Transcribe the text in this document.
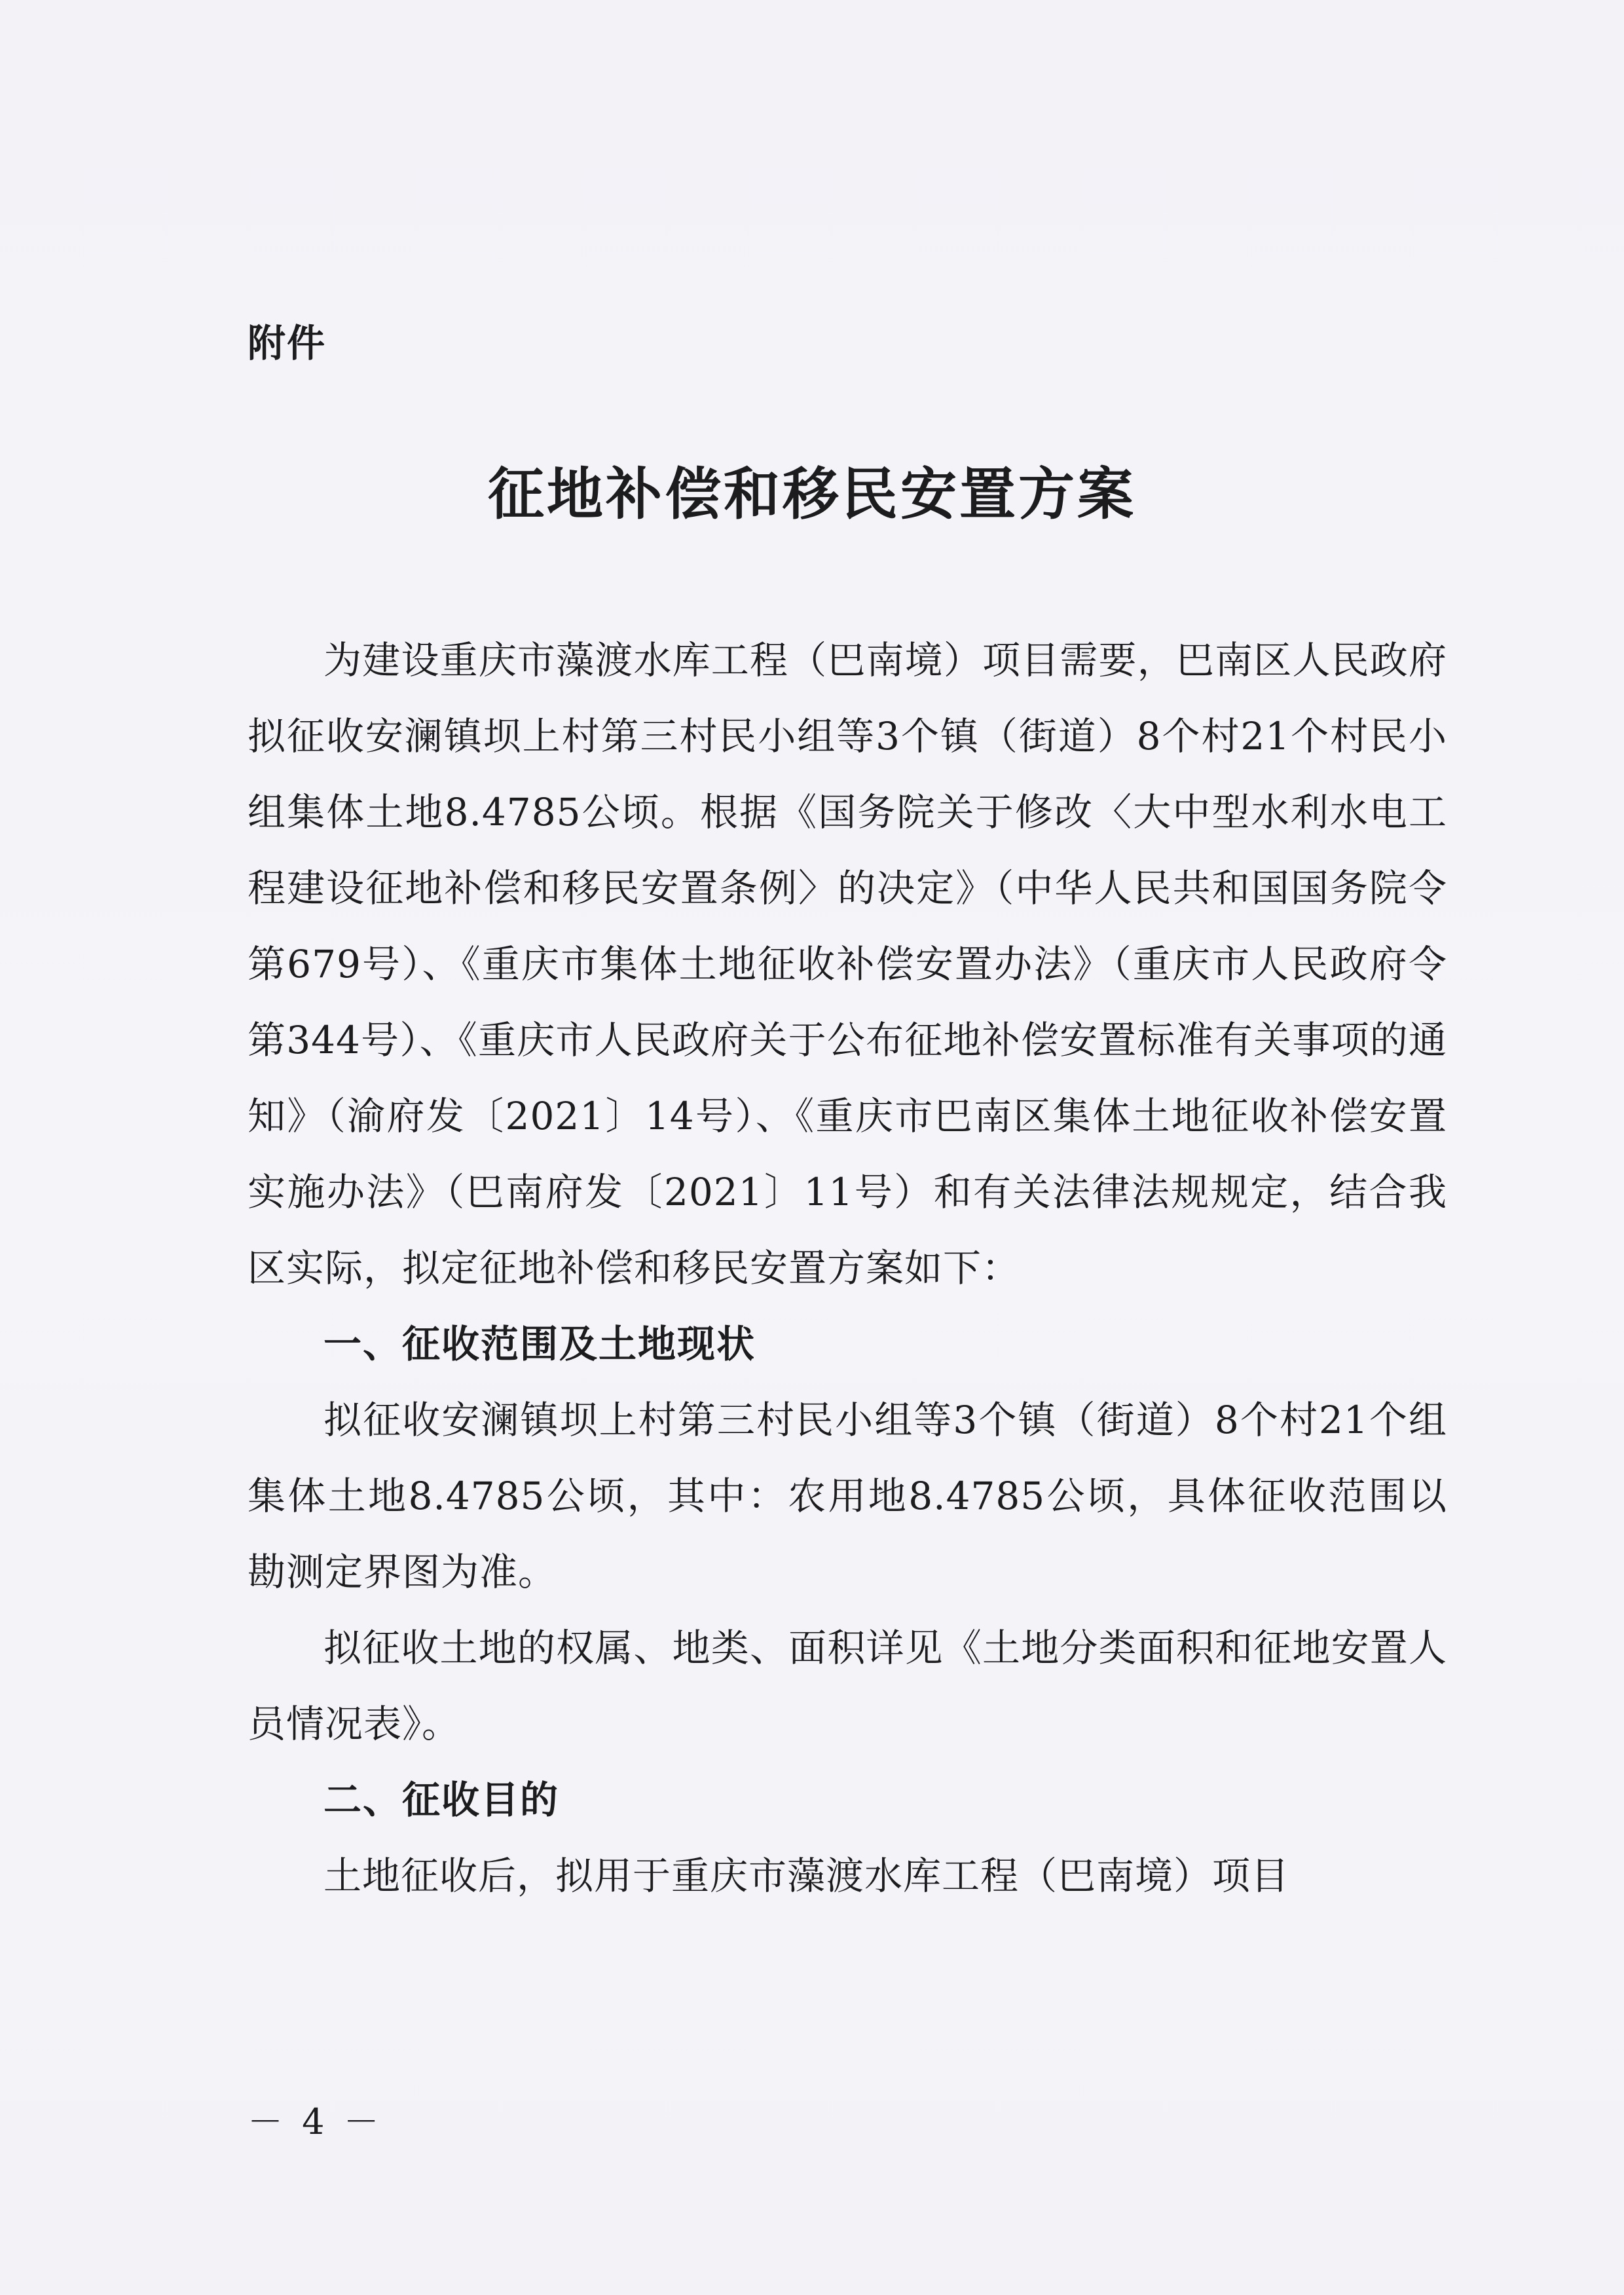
附件
征地补偿和移民安置方案

为建设重庆市藻渡水库工程（巴南境）项目需要，巴南区人民政府拟征收安澜镇坝上村第三村民小组等3个镇（街道）8个村21个村民小组集体土地8.4785公顷。根据《国务院关于修改〈大中型水利水电工程建设征地补偿和移民安置条例〉的决定》（中华人民共和国国务院令第679号）、《重庆市集体土地征收补偿安置办法》（重庆市人民政府令第344号）、《重庆市人民政府关于公布征地补偿安置标准有关事项的通知》（渝府发〔2021〕14号）、《重庆市巴南区集体土地征收补偿安置实施办法》（巴南府发〔2021〕11号）和有关法律法规规定，结合我区实际，拟定征地补偿和移民安置方案如下：

一、征收范围及土地现状

拟征收安澜镇坝上村第三村民小组等3个镇（街道）8个村21个组集体土地8.4785公顷，其中：农用地8.4785公顷，具体征收范围以勘测定界图为准。

拟征收土地的权属、地类、面积详见《土地分类面积和征地安置人员情况表》。

二、征收目的

土地征收后，拟用于重庆市藻渡水库工程（巴南境）项目

－ 4 －
